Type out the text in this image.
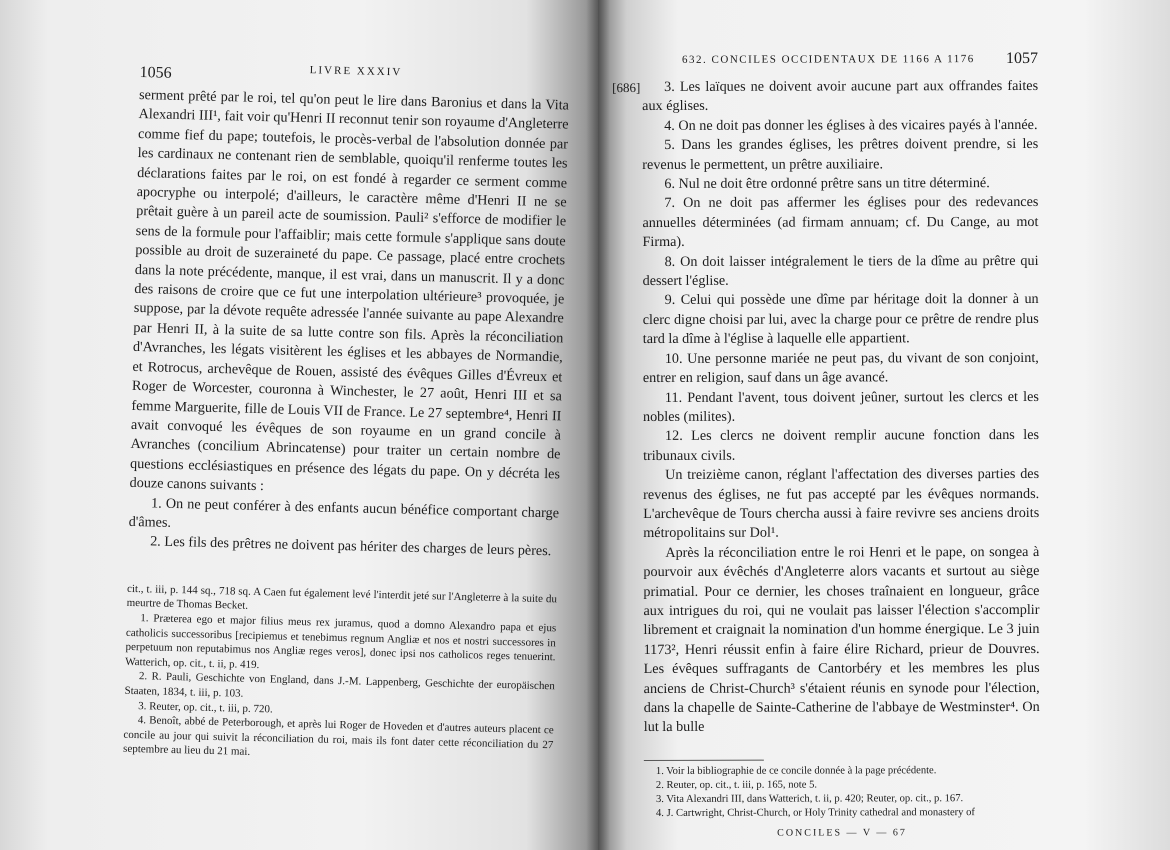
1056	LIVRE XXXIV

serment prêté par le roi, tel qu'on peut le lire dans Baronius et dans la Vita Alexandri III¹, fait voir qu'Henri II reconnut tenir son royaume d'Angleterre comme fief du pape; toutefois, le procès-verbal de l'absolution donnée par les cardinaux ne contenant rien de semblable, quoiqu'il renferme toutes les déclarations faites par le roi, on est fondé à regarder ce serment comme apocryphe ou interpolé; d'ailleurs, le caractère même d'Henri II ne se prêtait guère à un pareil acte de soumission. Pauli² s'efforce de modifier le sens de la formule pour l'affaiblir; mais cette formule s'applique sans doute possible au droit de suzeraineté du pape. Ce passage, placé entre crochets dans la note précédente, manque, il est vrai, dans un manuscrit. Il y a donc des raisons de croire que ce fut une interpolation ultérieure³ provoquée, je suppose, par la dévote requête adressée l'année suivante au pape Alexandre par Henri II, à la suite de sa lutte contre son fils. Après la réconciliation d'Avranches, les légats visitèrent les églises et les abbayes de Normandie, et Rotrocus, archevêque de Rouen, assisté des évêques Gilles d'Évreux et Roger de Worcester, couronna à Winchester, le 27 août, Henri III et sa femme Marguerite, fille de Louis VII de France. Le 27 septembre⁴, Henri II avait convoqué les évêques de son royaume en un grand concile à Avranches (concilium Abrincatense) pour traiter un certain nombre de questions ecclésiastiques en présence des légats du pape. On y décréta les douze canons suivants :

1. On ne peut conférer à des enfants aucun bénéfice comportant charge d'âmes.

2. Les fils des prêtres ne doivent pas hériter des charges de leurs pères.

cit., t. iii, p. 144 sq., 718 sq. A Caen fut également levé l'interdit jeté sur l'Angleterre à la suite du meurtre de Thomas Becket.

1. Præterea ego et major filius meus rex juramus, quod a domno Alexandro papa et ejus catholicis successoribus [recipiemus et tenebimus regnum Angliæ et nos et nostri successores in perpetuum non reputabimus nos Angliæ reges veros], donec ipsi nos catholicos reges tenuerint. Watterich, op. cit., t. ii, p. 419.

2. R. Pauli, Geschichte von England, dans J.-M. Lappenberg, Geschichte der europäischen Staaten, 1834, t. iii, p. 103.

3. Reuter, op. cit., t. iii, p. 720.

4. Benoît, abbé de Peterborough, et après lui Roger de Hoveden et d'autres auteurs placent ce concile au jour qui suivit la réconciliation du roi, mais ils font dater cette réconciliation du 27 septembre au lieu du 21 mai.

632. CONCILES OCCIDENTAUX DE 1166 A 1176 1057
[686]	3. Les laïques ne doivent avoir aucune part aux offrandes faites aux églises.

4. On ne doit pas donner les églises à des vicaires payés à l'année.

5. Dans les grandes églises, les prêtres doivent prendre, si les revenus le permettent, un prêtre auxiliaire.

6. Nul ne doit être ordonné prêtre sans un titre déterminé.

7. On ne doit pas affermer les églises pour des redevances annuelles déterminées (ad firmam annuam; cf. Du Cange, au mot Firma).

8. On doit laisser intégralement le tiers de la dîme au prêtre qui dessert l'église.

9. Celui qui possède une dîme par héritage doit la donner à un clerc digne choisi par lui, avec la charge pour ce prêtre de rendre plus tard la dîme à l'église à laquelle elle appartient.

10. Une personne mariée ne peut pas, du vivant de son conjoint, entrer en religion, sauf dans un âge avancé.

11. Pendant l'avent, tous doivent jeûner, surtout les clercs et les nobles (milites).

12. Les clercs ne doivent remplir aucune fonction dans les tribunaux civils.

Un treizième canon, réglant l'affectation des diverses parties des revenus des églises, ne fut pas accepté par les évêques normands. L'archevêque de Tours chercha aussi à faire revivre ses anciens droits métropolitains sur Dol¹.

Après la réconciliation entre le roi Henri et le pape, on songea à pourvoir aux évêchés d'Angleterre alors vacants et surtout au siège primatial. Pour ce dernier, les choses traînaient en longueur, grâce aux intrigues du roi, qui ne voulait pas laisser l'élection s'accomplir librement et craignait la nomination d'un homme énergique. Le 3 juin 1173², Henri réussit enfin à faire élire Richard, prieur de Douvres. Les évêques suffragants de Cantorbéry et les membres les plus anciens de Christ-Church³ s'étaient réunis en synode pour l'élection, dans la chapelle de Sainte-Catherine de l'abbaye de Westminster⁴. On lut la bulle

1. Voir la bibliographie de ce concile donnée à la page précédente.

2. Reuter, op. cit., t. iii, p. 165, note 5.

3. Vita Alexandri III, dans Watterich, t. ii, p. 420; Reuter, op. cit., p. 167.

4. J. Cartwright, Christ-Church, or Holy Trinity cathedral and monastery of

CONCILES — V — 67
